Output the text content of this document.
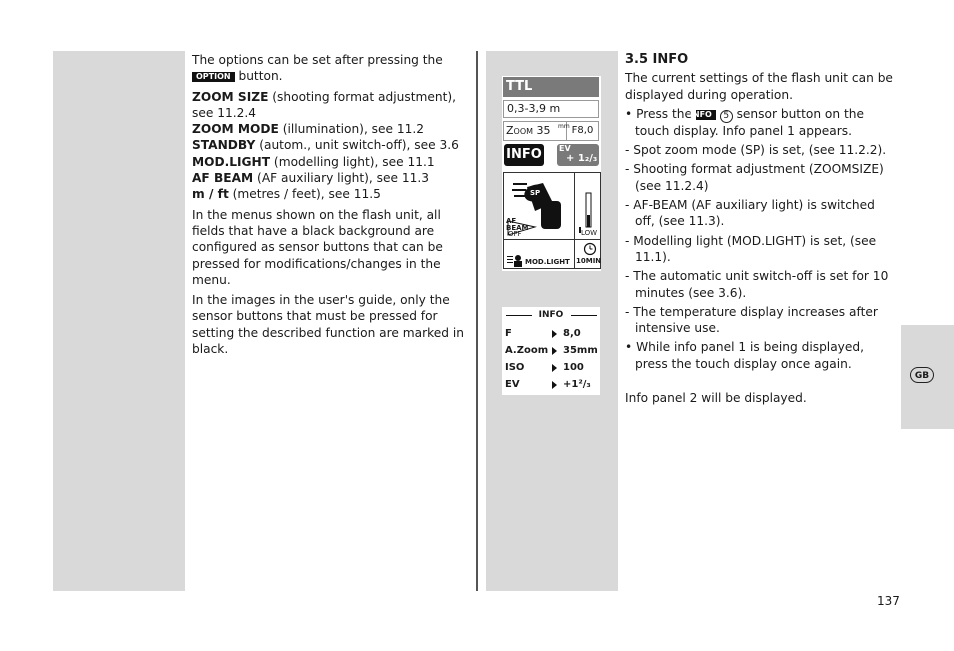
GB

The options can be set after pressing the OPTION button.

ZOOM SIZE (shooting format adjustment), see 11.2.4
ZOOM MODE (illumination), see 11.2
STANDBY (autom., unit switch-off), see 3.6
MOD.LIGHT (modelling light), see 11.1
AF BEAM (AF auxiliary light), see 11.3
m / ft (metres / feet), see 11.5

In the menus shown on the flash unit, all fields that have a black background are configured as sensor buttons that can be pressed for modifications/changes in the menu.

In the images in the user's guide, only the sensor buttons that must be pressed for setting the described function are marked in black.

TTL
0,3-3,9 m
Zoom 35 mm F8,0
INFO EV
+ 1₂/₃
SP
AF BEAM
OFF	LOW
MOD.LIGHT 10MIN
INFO
F	8,0
A.Zoom 35mm
ISO	100
EV	+1²/₃
3.5 INFO

The current settings of the flash unit can be displayed during operation.

• Press the INFO 5 sensor button on the touch display. Info panel 1 appears.

- Spot zoom mode (SP) is set, (see 11.2.2).

- Shooting format adjustment (ZOOMSIZE) (see 11.2.4)

- AF-BEAM (AF auxiliary light) is switched off, (see 11.3).

- Modelling light (MOD.LIGHT) is set, (see 11.1).

- The automatic unit switch-off is set for 10 minutes (see 3.6).

- The temperature display increases after intensive use.

• While info panel 1 is being displayed, press the touch display once again.

Info panel 2 will be displayed.

137
